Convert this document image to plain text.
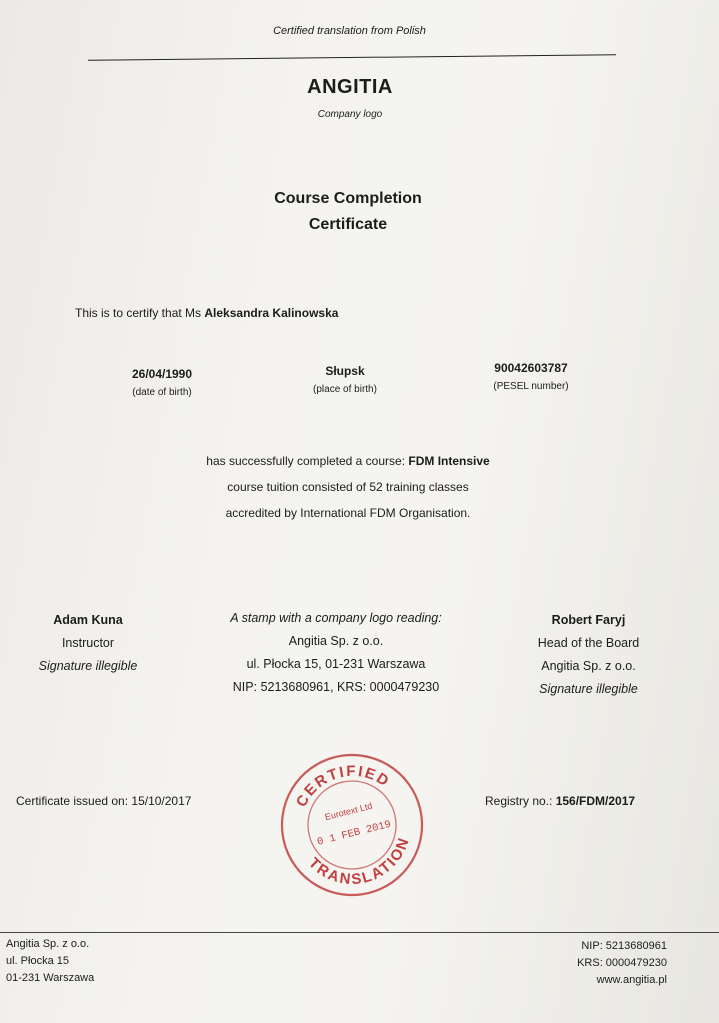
Certified translation from Polish
ANGITIA
Company logo
Course Completion
Certificate
This is to certify that Ms Aleksandra Kalinowska
26/04/1990
(date of birth)
Słupsk
(place of birth)
90042603787
(PESEL number)
has successfully completed a course: FDM Intensive
course tuition consisted of 52 training classes
accredited by International FDM Organisation.
Adam Kuna
Instructor
Signature illegible
A stamp with a company logo reading:
Angitia Sp. z o.o.
ul. Płocka 15, 01-231 Warszawa
NIP: 5213680961, KRS: 0000479230
Robert Faryj
Head of the Board
Angitia Sp. z o.o.
Signature illegible
Certificate issued on: 15/10/2017	Registry no.: 156/FDM/2017
CERTIFIED
TRANSLATION
Eurotext Ltd
0 1 FEB 2019
Angitia Sp. z o.o.
ul. Płocka 15
01-231 Warszawa
NIP: 5213680961
KRS: 0000479230
www.angitia.pl
